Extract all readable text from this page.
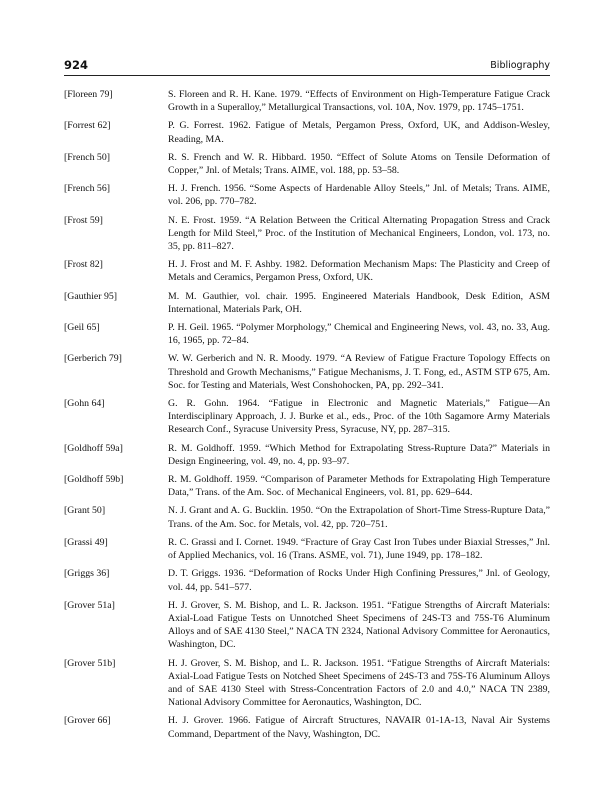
924	Bibliography
[Floreen 79]	S. Floreen and R. H. Kane. 1979. “Effects of Environment on High-Temperature Fatigue Crack Growth in a Superalloy,” Metallurgical Transactions, vol. 10A, Nov. 1979, pp. 1745–1751.
[Forrest 62]	P. G. Forrest. 1962. Fatigue of Metals, Pergamon Press, Oxford, UK, and Addison-Wesley, Reading, MA.
[French 50]	R. S. French and W. R. Hibbard. 1950. “Effect of Solute Atoms on Tensile Deformation of Copper,” Jnl. of Metals; Trans. AIME, vol. 188, pp. 53–58.
[French 56]	H. J. French. 1956. “Some Aspects of Hardenable Alloy Steels,” Jnl. of Metals; Trans. AIME, vol. 206, pp. 770–782.
[Frost 59]	N. E. Frost. 1959. “A Relation Between the Critical Alternating Propagation Stress and Crack Length for Mild Steel,” Proc. of the Institution of Mechanical Engineers, London, vol. 173, no. 35, pp. 811–827.
[Frost 82]	H. J. Frost and M. F. Ashby. 1982. Deformation Mechanism Maps: The Plasticity and Creep of Metals and Ceramics, Pergamon Press, Oxford, UK.
[Gauthier 95]	M. M. Gauthier, vol. chair. 1995. Engineered Materials Handbook, Desk Edition, ASM International, Materials Park, OH.
[Geil 65]	P. H. Geil. 1965. “Polymer Morphology,” Chemical and Engineering News, vol. 43, no. 33, Aug. 16, 1965, pp. 72–84.
[Gerberich 79]	W. W. Gerberich and N. R. Moody. 1979. “A Review of Fatigue Fracture Topology Effects on Threshold and Growth Mechanisms,” Fatigue Mechanisms, J. T. Fong, ed., ASTM STP 675, Am. Soc. for Testing and Materials, West Conshohocken, PA, pp. 292–341.
[Gohn 64]	G. R. Gohn. 1964. “Fatigue in Electronic and Magnetic Materials,” Fatigue—An Interdisciplinary Approach, J. J. Burke et al., eds., Proc. of the 10th Sagamore Army Materials Research Conf., Syracuse University Press, Syracuse, NY, pp. 287–315.
[Goldhoff 59a]	R. M. Goldhoff. 1959. “Which Method for Extrapolating Stress-Rupture Data?” Materials in Design Engineering, vol. 49, no. 4, pp. 93–97.
[Goldhoff 59b]	R. M. Goldhoff. 1959. “Comparison of Parameter Methods for Extrapolating High Temperature Data,” Trans. of the Am. Soc. of Mechanical Engineers, vol. 81, pp. 629–644.
[Grant 50]	N. J. Grant and A. G. Bucklin. 1950. “On the Extrapolation of Short-Time Stress-Rupture Data,” Trans. of the Am. Soc. for Metals, vol. 42, pp. 720–751.
[Grassi 49]	R. C. Grassi and I. Cornet. 1949. “Fracture of Gray Cast Iron Tubes under Biaxial Stresses,” Jnl. of Applied Mechanics, vol. 16 (Trans. ASME, vol. 71), June 1949, pp. 178–182.
[Griggs 36]	D. T. Griggs. 1936. “Deformation of Rocks Under High Confining Pressures,” Jnl. of Geology, vol. 44, pp. 541–577.
[Grover 51a]	H. J. Grover, S. M. Bishop, and L. R. Jackson. 1951. “Fatigue Strengths of Aircraft Materials: Axial-Load Fatigue Tests on Unnotched Sheet Specimens of 24S-T3 and 75S-T6 Aluminum Alloys and of SAE 4130 Steel,” NACA TN 2324, National Advisory Committee for Aeronautics, Washington, DC.
[Grover 51b]	H. J. Grover, S. M. Bishop, and L. R. Jackson. 1951. “Fatigue Strengths of Aircraft Materials: Axial-Load Fatigue Tests on Notched Sheet Specimens of 24S-T3 and 75S-T6 Aluminum Alloys and of SAE 4130 Steel with Stress-Concentration Factors of 2.0 and 4.0,” NACA TN 2389, National Advisory Committee for Aeronautics, Washington, DC.
[Grover 66]	H. J. Grover. 1966. Fatigue of Aircraft Structures, NAVAIR 01-1A-13, Naval Air Systems Command, Department of the Navy, Washington, DC.
